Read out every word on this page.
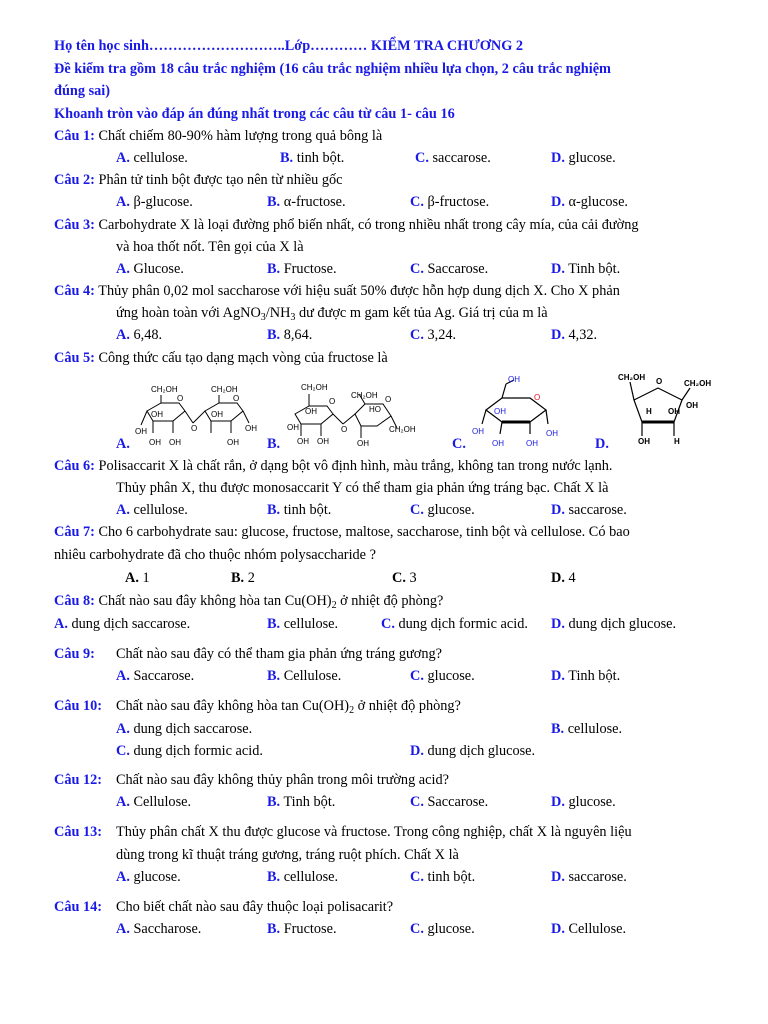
Họ tên học sinh………………………..Lớp………… KIỂM TRA CHƯƠNG 2
Đề kiểm tra gồm 18 câu trắc nghiệm (16 câu trắc nghiệm nhiều lựa chọn, 2 câu trắc nghiệm
đúng sai)
Khoanh tròn vào đáp án đúng nhất trong các câu từ câu 1- câu 16
Câu 1: Chất chiếm 80-90% hàm lượng trong quả bông là
A. cellulose.	B. tinh bột.	C. saccarose.	D. glucose.
Câu 2: Phân tử tinh bột được tạo nên từ nhiều gốc
A. β-glucose.	B. α-fructose.	C. β-fructose.	D. α-glucose.
Câu 3: Carbohydrate X là loại đường phổ biến nhất, có trong nhiều nhất trong cây mía, của cải đường
và hoa thốt nốt. Tên gọi của X là
A. Glucose.	B. Fructose.	C. Saccarose.	D. Tinh bột.
Câu 4: Thủy phân 0,02 mol saccharose với hiệu suất 50% được hỗn hợp dung dịch X. Cho X phản
ứng hoàn toàn với $AgNO_3/NH_3$ dư được m gam kết tủa Ag. Giá trị của m là
A. 6,48.	B. 8,64.	C. 3,24.	D. 4,32.
Câu 5: Công thức cấu tạo dạng mạch vòng của fructose là
A.
CH₂OH	CH₂OH
O	O
OH	OH
OH
OH
OH
O
OH
OH
B.
CH₂OH
CH₂OH
O	O
OH	HO
OH	O
OH OH
CH₂OH
OH	C.
OH
O
OH
OH
OH	OH
OH
D.
CH₂OH O	CH₂OH
H OH
OH
OH	H
Câu 6: Polisaccarit X là chất rắn, ở dạng bột vô định hình, màu trắng, không tan trong nước lạnh.
Thủy phân X, thu được monosaccarit Y có thể tham gia phản ứng tráng bạc. Chất X là
A. cellulose.	B. tinh bột.	C. glucose.	D. saccarose.
Câu 7: Cho 6 carbohydrate sau: glucose, fructose, maltose, saccharose, tinh bột và cellulose. Có bao
nhiêu carbohydrate đã cho thuộc nhóm polysaccharide ?
A. 1	B. 2	C. 3	D. 4
Câu 8: Chất nào sau đây không hòa $\tan Cu(OH)_2$ ở nhiệt độ phòng?
A. dung dịch saccarose.	B. cellulose.	C. dung dịch formic acid. D. dung dịch glucose.
Câu 9: Chất nào sau đây có thể tham gia phản ứng tráng gương?
A. Saccarose.	B. Cellulose.	C. glucose.	D. Tinh bột.
Câu 10: Chất nào sau đây không hòa $\tan Cu(OH)_2$ ở nhiệt độ phòng?
A. dung dịch saccarose.	B. cellulose.
C. dung dịch formic acid.	D. dung dịch glucose.
Câu 12: Chất nào sau đây không thủy phân trong môi trường acid?
A. Cellulose.	B. Tinh bột.	C. Saccarose.	D. glucose.
Câu 13: Thủy phân chất X thu được glucose và fructose. Trong công nghiệp, chất X là nguyên liệu
dùng trong kĩ thuật tráng gương, tráng ruột phích. Chất X là
A. glucose.	B. cellulose.	C. tinh bột.	D. saccarose.
Câu 14: Cho biết chất nào sau đây thuộc loại polisacarit?
A. Saccharose.	B. Fructose.	C. glucose.	D. Cellulose.
